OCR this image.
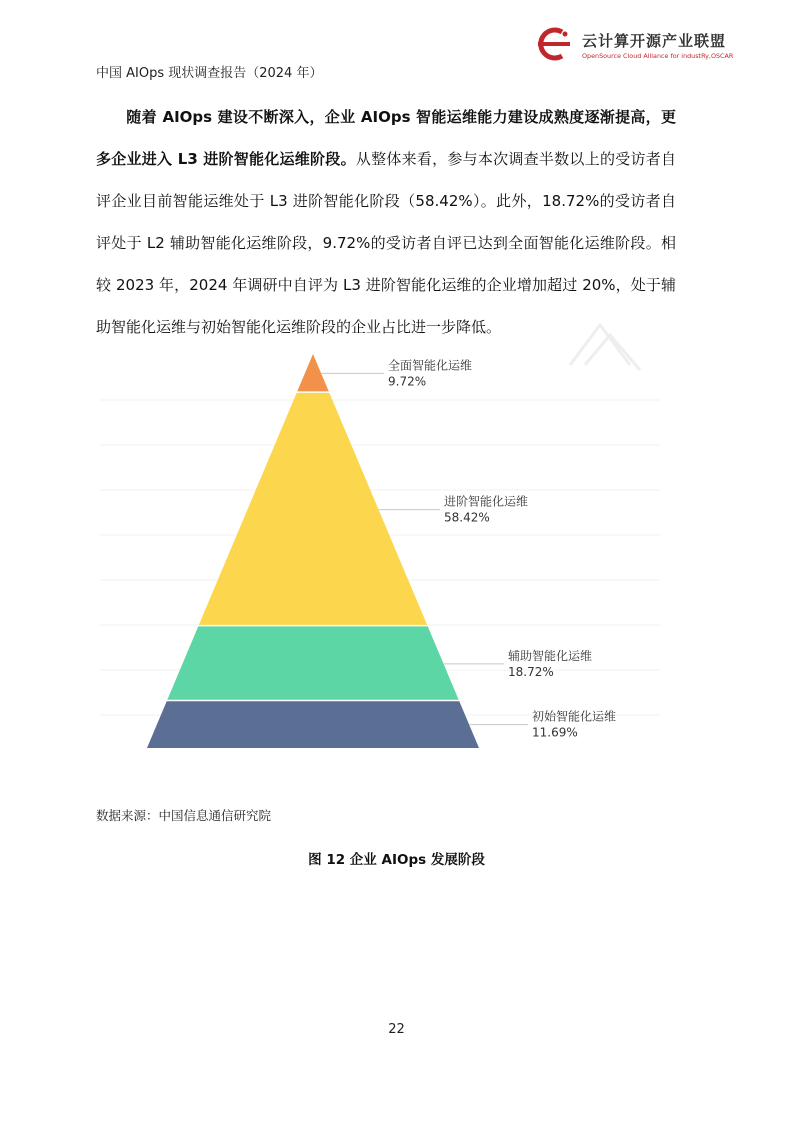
中国 AIOps 现状调查报告（2024 年）
云计算开源产业联盟
OpenSource Cloud Alliance for industRy,OSCAR
随着 AIOps 建设不断深入，企业 AIOps 智能运维能力建设成熟度逐渐提高，更多企业进入 L3 进阶智能化运维阶段。从整体来看，参与本次调查半数以上的受访者自评企业目前智能运维处于 L3 进阶智能化阶段（58.42%）。此外，18.72%的受访者自评处于 L2 辅助智能化运维阶段，9.72%的受访者自评已达到全面智能化运维阶段。相较 2023 年，2024 年调研中自评为 L3 进阶智能化运维的企业增加超过 20%，处于辅助智能化运维与初始智能化运维阶段的企业占比进一步降低。
全面智能化运维
9.72%
进阶智能化运维
58.42%
辅助智能化运维
18.72%
初始智能化运维
11.69%
数据来源：中国信息通信研究院
图 12 企业 AIOps 发展阶段
22
